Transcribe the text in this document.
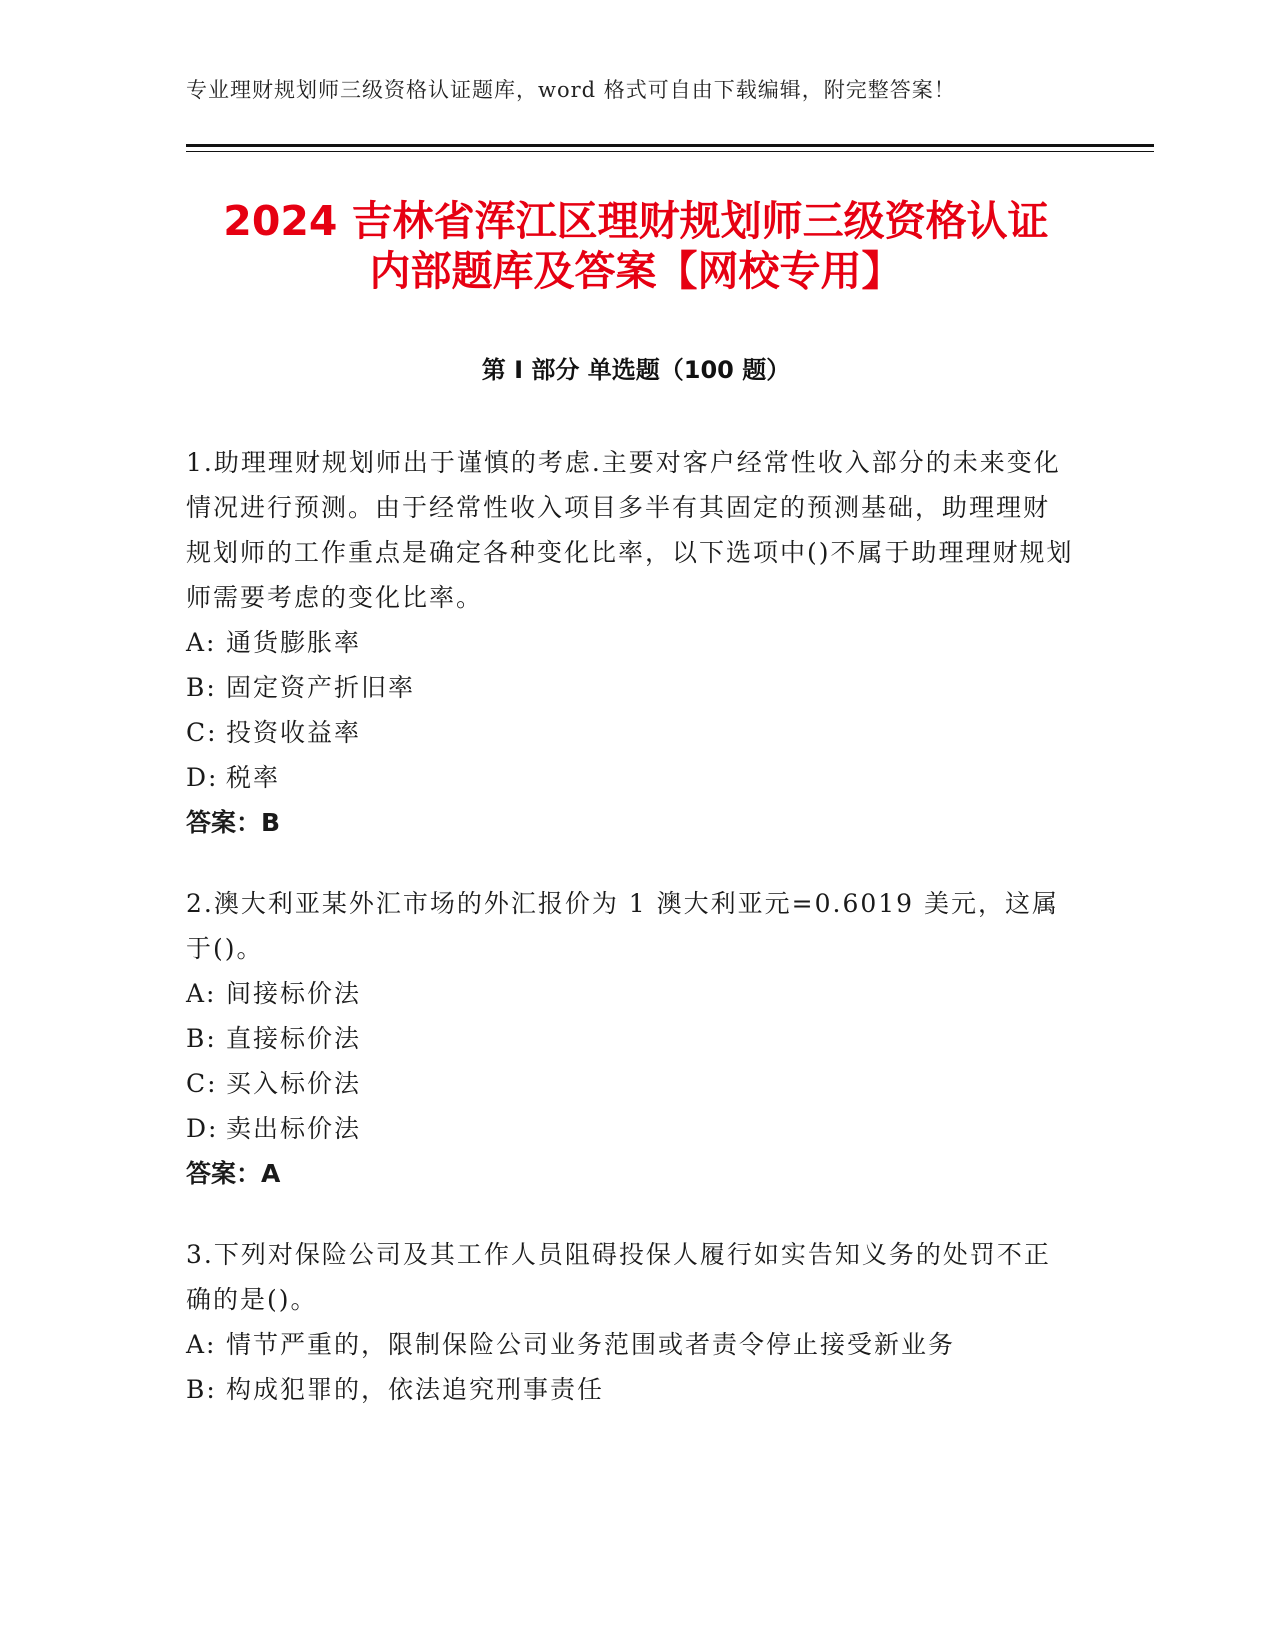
专业理财规划师三级资格认证题库，word 格式可自由下载编辑，附完整答案！
2024 吉林省浑江区理财规划师三级资格认证
内部题库及答案【网校专用】
第 I 部分 单选题（100 题）
1.助理理财规划师出于谨慎的考虑.主要对客户经常性收入部分的未来变化情况进行预测。由于经常性收入项目多半有其固定的预测基础，助理理财规划师的工作重点是确定各种变化比率，以下选项中()不属于助理理财规划师需要考虑的变化比率。
A: 通货膨胀率
B: 固定资产折旧率
C: 投资收益率
D: 税率
答案：B
2.澳大利亚某外汇市场的外汇报价为 1 澳大利亚元=0.6019 美元，这属于()。
A: 间接标价法
B: 直接标价法
C: 买入标价法
D: 卖出标价法
答案：A
3.下列对保险公司及其工作人员阻碍投保人履行如实告知义务的处罚不正确的是()。
A: 情节严重的，限制保险公司业务范围或者责令停止接受新业务
B: 构成犯罪的，依法追究刑事责任
